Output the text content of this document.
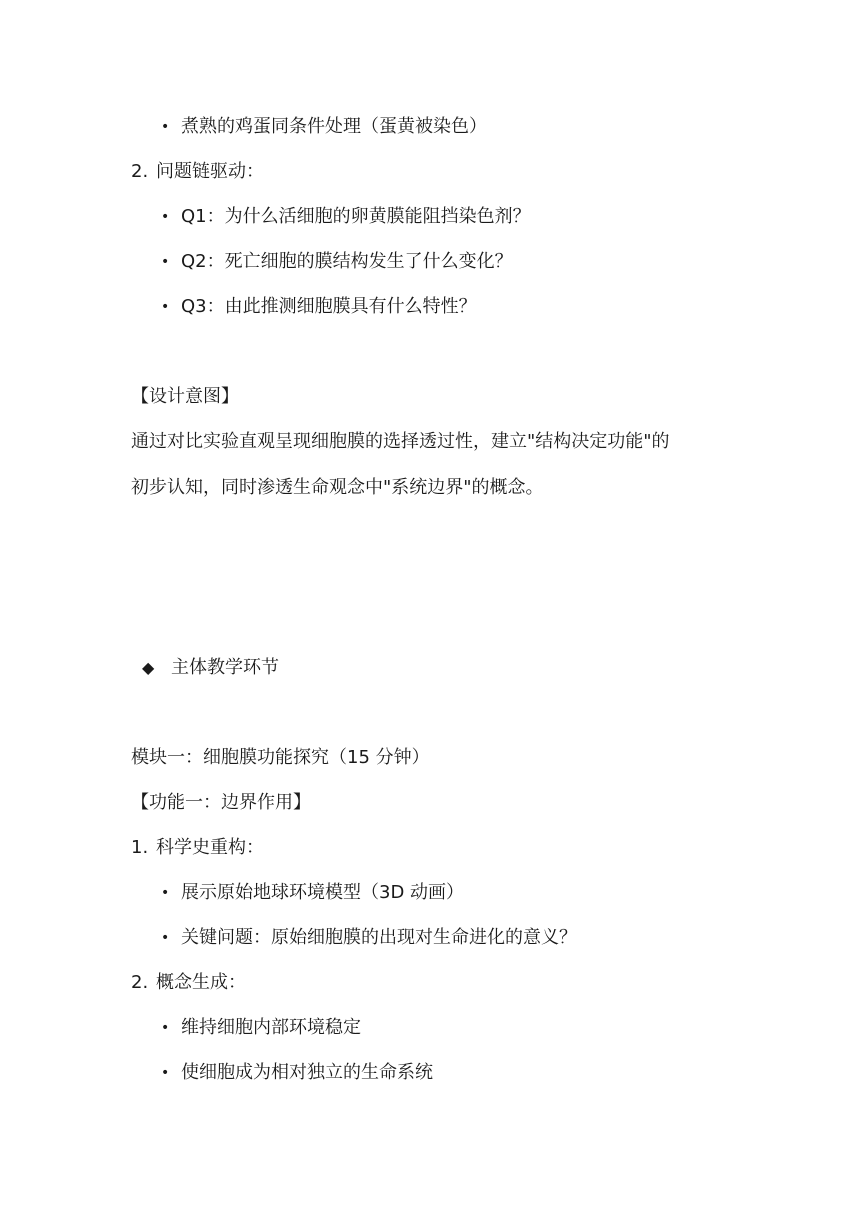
• 煮熟的鸡蛋同条件处理（蛋黄被染色）
2. 问题链驱动：
• Q1：为什么活细胞的卵黄膜能阻挡染色剂？
• Q2：死亡细胞的膜结构发生了什么变化？
• Q3：由此推测细胞膜具有什么特性？
【设计意图】
通过对比实验直观呈现细胞膜的选择透过性，建立"结构决定功能"的
初步认知，同时渗透生命观念中"系统边界"的概念。
◆ 主体教学环节
模块一：细胞膜功能探究（15 分钟）
【功能一：边界作用】
1. 科学史重构：
• 展示原始地球环境模型（3D 动画）
• 关键问题：原始细胞膜的出现对生命进化的意义？
2. 概念生成：
• 维持细胞内部环境稳定
• 使细胞成为相对独立的生命系统
